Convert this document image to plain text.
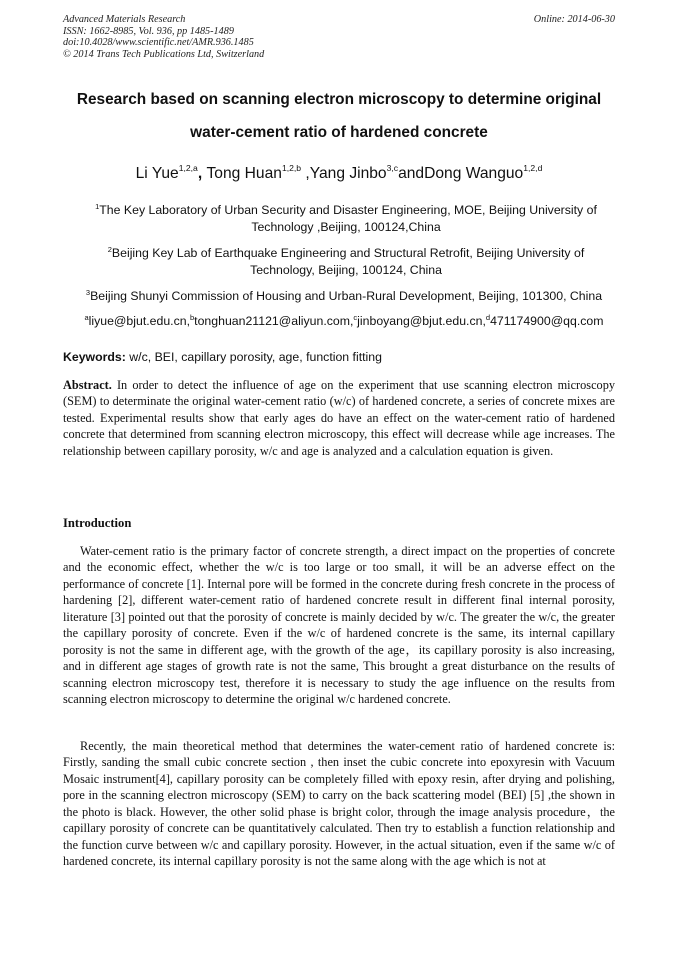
Advanced Materials Research
ISSN: 1662-8985, Vol. 936, pp 1485-1489
doi:10.4028/www.scientific.net/AMR.936.1485
© 2014 Trans Tech Publications Ltd, Switzerland
Online: 2014-06-30
Research based on scanning electron microscopy to determine original
water-cement ratio of hardened concrete
Li Yue$^{1,2,a}$, Tong Huan$^{1,2,b}$ ,Yang Jinbo$^{3,c}$andDong Wanguo$^{1,2,d}$
$^1$The Key Laboratory of Urban Security and Disaster Engineering, MOE, Beijing University of Technology ,Beijing, 100124,China
$^2$Beijing Key Lab of Earthquake Engineering and Structural Retrofit, Beijing University of Technology, Beijing, 100124, China
$^3$Beijing Shunyi Commission of Housing and Urban-Rural Development, Beijing, 101300, China
$^a$liyue@bjut.edu.cn,$^b$tonghuan21121@aliyun.com,$^c$jinboyang@bjut.edu.cn,$^d$471174900@qq.com
Keywords: w/c, BEI, capillary porosity, age, function fitting
Abstract. In order to detect the influence of age on the experiment that use scanning electron microscopy (SEM) to determinate the original water-cement ratio (w/c) of hardened concrete, a series of concrete mixes are tested. Experimental results show that early ages do have an effect on the water-cement ratio of hardened concrete that determined from scanning electron microscopy, this effect will decrease while age increases. The relationship between capillary porosity, w/c and age is analyzed and a calculation equation is given.
Introduction

Water-cement ratio is the primary factor of concrete strength, a direct impact on the properties of concrete and the economic effect, whether the w/c is too large or too small, it will be an adverse effect on the performance of concrete [1]. Internal pore will be formed in the concrete during fresh concrete in the process of hardening [2], different water-cement ratio of hardened concrete result in different final internal porosity, literature [3] pointed out that the porosity of concrete is mainly decided by w/c. The greater the w/c, the greater the capillary porosity of concrete. Even if the w/c of hardened concrete is the same, its internal capillary porosity is not the same in different age, with the growth of the age，its capillary porosity is also increasing, and in different age stages of growth rate is not the same, This brought a great disturbance on the results of scanning electron microscopy test, therefore it is necessary to study the age influence on the results from scanning electron microscopy to determine the original w/c hardened concrete.

Recently, the main theoretical method that determines the water-cement ratio of hardened concrete is: Firstly, sanding the small cubic concrete section , then inset the cubic concrete into epoxyresin with Vacuum Mosaic instrument[4], capillary porosity can be completely filled with epoxy resin, after drying and polishing, pore in the scanning electron microscopy (SEM) to carry on the back scattering model (BEI) [5] ,the shown in the photo is black. However, the other solid phase is bright color, through the image analysis procedure，the capillary porosity of concrete can be quantitatively calculated. Then try to establish a function relationship and the function curve between w/c and capillary porosity. However, in the actual situation, even if the same w/c of hardened concrete, its internal capillary porosity is not the same along with the age which is not at
